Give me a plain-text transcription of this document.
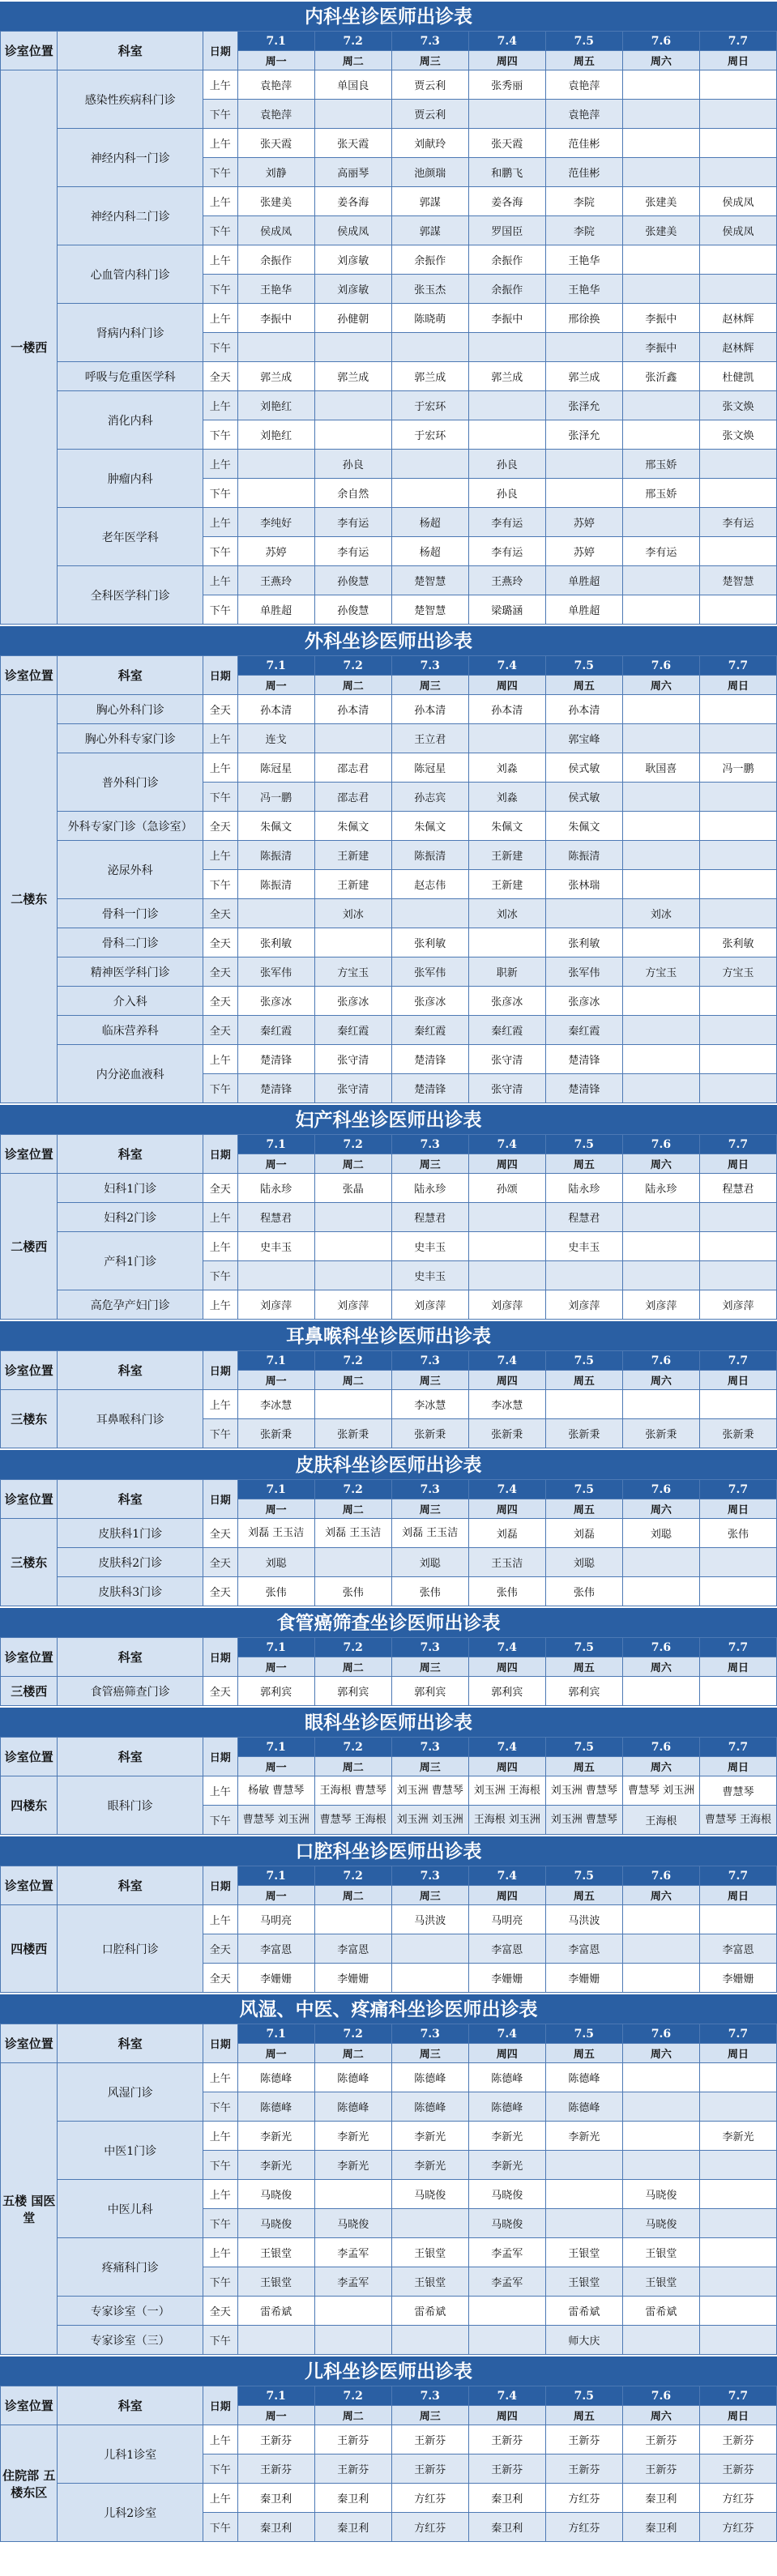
内科坐诊医师出诊表
诊室位置	科室	日期	7.1	7.2	7.3	7.4	7.5	7.6	7.7
			周一	周二	周三	周四	周五	周六	周日
一楼西	感染性疾病科门诊	上午	袁艳萍	单国良	贾云利	张秀丽	袁艳萍		
		下午	袁艳萍		贾云利		袁艳萍		
	神经内科一门诊	上午	张天霞	张天霞	刘献玲	张天霞	范佳彬		
		下午	刘静	高丽琴	池颜瑞	和鹏飞	范佳彬		
	神经内科二门诊	上午	张建美	姜各海	郭謀	姜各海	李院	张建美	侯成凤
		下午	侯成凤	侯成凤	郭謀	罗国臣	李院	张建美	侯成凤
	心血管内科门诊	上午	余振作	刘彦敏	余振作	余振作	王艳华		
		下午	王艳华	刘彦敏	张玉杰	余振作	王艳华		
	肾病内科门诊	上午	李振中	孙健朝	陈晓萌	李振中	邢徐换	李振中	赵林辉
		下午						李振中	赵林辉
	呼吸与危重医学科	全天	郭兰成	郭兰成	郭兰成	郭兰成	郭兰成	张沂鑫	杜健凯
	消化内科	上午	刘艳红		于宏环		张泽允		张文焕
		下午	刘艳红		于宏环		张泽允		张文焕
	肿瘤内科	上午		孙良		孙良		邢玉娇	
		下午		余自然		孙良		邢玉娇	
	老年医学科	上午	李纯好	李有运	杨超	李有运	苏婷		李有运
		下午	苏婷	李有运	杨超	李有运	苏婷	李有运	
	全科医学科门诊	上午	王燕玲	孙俊慧	楚智慧	王燕玲	单胜超		楚智慧
		下午	单胜超	孙俊慧	楚智慧	梁璐涵	单胜超		
外科坐诊医师出诊表
诊室位置	科室	日期	7.1	7.2	7.3	7.4	7.5	7.6	7.7
			周一	周二	周三	周四	周五	周六	周日
二楼东	胸心外科门诊	全天	孙本清	孙本清	孙本清	孙本清	孙本清		
	胸心外科专家门诊	上午	连戈		王立君		郭宝峰		
	普外科门诊	上午	陈冠星	邵志君	陈冠星	刘淼	侯式敏	耿国喜	冯一鹏
		下午	冯一鹏	邵志君	孙志宾	刘淼	侯式敏		
	外科专家门诊（急诊室）	全天	朱佩文	朱佩文	朱佩文	朱佩文	朱佩文		
	泌尿外科	上午	陈振清	王新建	陈振清	王新建	陈振清		
		下午	陈振清	王新建	赵志伟	王新建	张林瑞		
	骨科一门诊	全天		刘冰		刘冰		刘冰	
	骨科二门诊	全天	张利敏		张利敏		张利敏		张利敏
	精神医学科门诊	全天	张军伟	方宝玉	张军伟	职新	张军伟	方宝玉	方宝玉
	介入科	全天	张彦冰	张彦冰	张彦冰	张彦冰	张彦冰		
	临床营养科	全天	秦红霞	秦红霞	秦红霞	秦红霞	秦红霞		
	内分泌血液科	上午	楚清锋	张守清	楚清锋	张守清	楚清锋		
		下午	楚清锋	张守清	楚清锋	张守清	楚清锋		
妇产科坐诊医师出诊表
诊室位置	科室	日期	7.1	7.2	7.3	7.4	7.5	7.6	7.7
			周一	周二	周三	周四	周五	周六	周日
二楼西	妇科1门诊	全天	陆永珍	张晶	陆永珍	孙颂	陆永珍	陆永珍	程慧君
	妇科2门诊	上午	程慧君		程慧君		程慧君		
	产科1门诊	上午	史丰玉		史丰玉		史丰玉		
		下午			史丰玉				
	高危孕产妇门诊	上午	刘彦萍	刘彦萍	刘彦萍	刘彦萍	刘彦萍	刘彦萍	刘彦萍
耳鼻喉科坐诊医师出诊表
诊室位置	科室	日期	7.1	7.2	7.3	7.4	7.5	7.6	7.7
			周一	周二	周三	周四	周五	周六	周日
三楼东	耳鼻喉科门诊	上午	李冰慧		李冰慧	李冰慧			
		下午	张新秉	张新秉	张新秉	张新秉	张新秉	张新秉	张新秉
皮肤科坐诊医师出诊表
诊室位置	科室	日期	7.1	7.2	7.3	7.4	7.5	7.6	7.7
			周一	周二	周三	周四	周五	周六	周日
三楼东	皮肤科1门诊	全天	刘磊 王玉洁	刘磊 王玉洁	刘磊 王玉洁	刘磊	刘磊	刘聪	张伟
	皮肤科2门诊	全天	刘聪		刘聪	王玉洁	刘聪		
	皮肤科3门诊	全天	张伟	张伟	张伟	张伟	张伟		
食管癌筛查坐诊医师出诊表
诊室位置	科室	日期	7.1	7.2	7.3	7.4	7.5	7.6	7.7
			周一	周二	周三	周四	周五	周六	周日
三楼西	食管癌筛查门诊	全天	郭利宾	郭利宾	郭利宾	郭利宾	郭利宾		
眼科坐诊医师出诊表
诊室位置	科室	日期	7.1	7.2	7.3	7.4	7.5	7.6	7.7
			周一	周二	周三	周四	周五	周六	周日
四楼东	眼科门诊	上午	杨敏 曹慧琴	王海根 曹慧琴	刘玉洲 曹慧琴	刘玉洲 王海根	刘玉洲 曹慧琴	曹慧琴 刘玉洲	曹慧琴
		下午	曹慧琴 刘玉洲	曹慧琴 王海根	刘玉洲 刘玉洲	王海根 刘玉洲	刘玉洲 曹慧琴	王海根	曹慧琴 王海根
口腔科坐诊医师出诊表
诊室位置	科室	日期	7.1	7.2	7.3	7.4	7.5	7.6	7.7
			周一	周二	周三	周四	周五	周六	周日
四楼西	口腔科门诊	上午	马明亮		马洪波	马明亮	马洪波		
		全天	李富恩	李富恩		李富恩	李富恩		李富恩
		全天	李姗姗	李姗姗		李姗姗	李姗姗		李姗姗
风湿、中医、疼痛科坐诊医师出诊表
诊室位置	科室	日期	7.1	7.2	7.3	7.4	7.5	7.6	7.7
			周一	周二	周三	周四	周五	周六	周日
五楼 国医堂	风湿门诊	上午	陈德峰	陈德峰	陈德峰	陈德峰	陈德峰		
		下午	陈德峰	陈德峰	陈德峰	陈德峰	陈德峰		
	中医1门诊	上午	李新光	李新光	李新光	李新光	李新光		李新光
		下午	李新光	李新光	李新光	李新光			
	中医儿科	上午	马晓俊		马晓俊	马晓俊		马晓俊	
		下午	马晓俊	马晓俊		马晓俊		马晓俊	
	疼痛科门诊	上午	王银堂	李孟军	王银堂	李孟军	王银堂	王银堂	
		下午	王银堂	李孟军	王银堂	李孟军	王银堂	王银堂	
	专家诊室（一）	全天	雷希斌		雷希斌		雷希斌	雷希斌	
	专家诊室（三）	下午					师大庆		
儿科坐诊医师出诊表
诊室位置	科室	日期	7.1	7.2	7.3	7.4	7.5	7.6	7.7
			周一	周二	周三	周四	周五	周六	周日
住院部 五楼东区	儿科1诊室	上午	王新芬	王新芬	王新芬	王新芬	王新芬	王新芬	王新芬
		下午	王新芬	王新芬	王新芬	王新芬	王新芬	王新芬	王新芬
	儿科2诊室	上午	秦卫利	秦卫利	方红芬	秦卫利	方红芬	秦卫利	方红芬
		下午	秦卫利	秦卫利	方红芬	秦卫利	方红芬	秦卫利	方红芬
